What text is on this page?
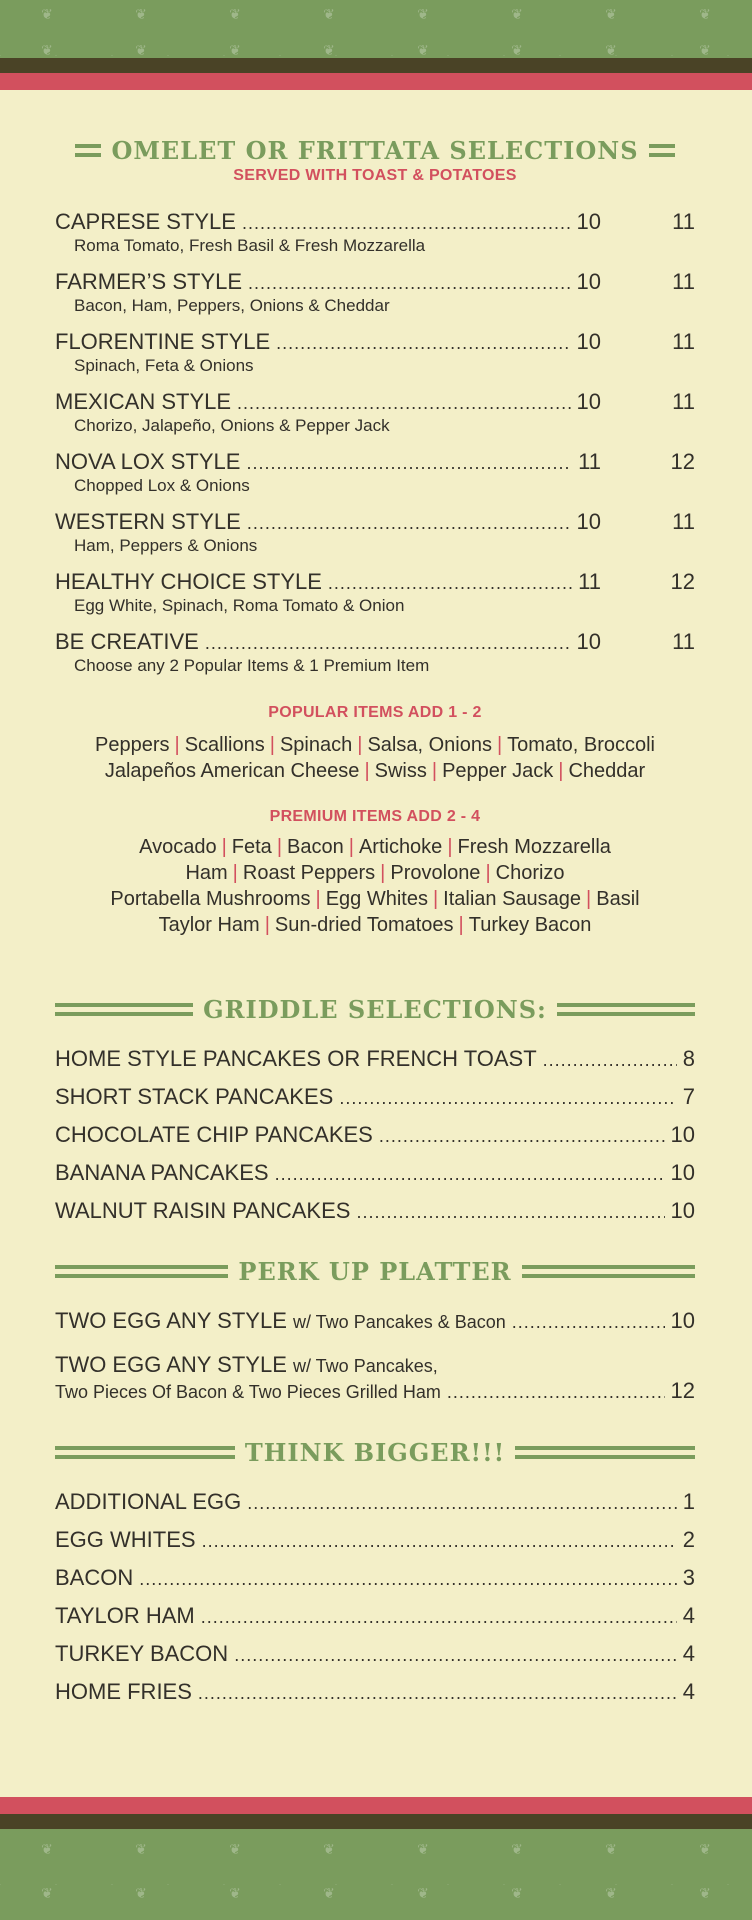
❦	❦	❦	❦	❦	❦	❦	❦
❦	❦	❦	❦	❦	❦	❦	❦
OMELET OR FRITTATA SELECTIONS
SERVED WITH TOAST & POTATOES
CAPRESE STYLE .....	10	11
Roma Tomato, Fresh Basil & Fresh Mozzarella
FARMER’S STYLE .....	10	11
Bacon, Ham, Peppers, Onions & Cheddar
FLORENTINE STYLE .....	10	11
Spinach, Feta & Onions
MEXICAN STYLE .....	10	11
Chorizo, Jalapeño, Onions & Pepper Jack
NOVA LOX STYLE .....	11	12
Chopped Lox & Onions
WESTERN STYLE .....	10	11
Ham, Peppers & Onions
HEALTHY CHOICE STYLE .....	11	12
Egg White, Spinach, Roma Tomato & Onion
BE CREATIVE .....	10	11
Choose any 2 Popular Items & 1 Premium Item
POPULAR ITEMS ADD 1 - 2
Peppers | Scallions | Spinach | Salsa, Onions | Tomato, Broccoli
Jalapeños American Cheese | Swiss | Pepper Jack | Cheddar
PREMIUM ITEMS ADD 2 - 4
Avocado | Feta | Bacon | Artichoke | Fresh Mozzarella
Ham | Roast Peppers | Provolone | Chorizo
Portabella Mushrooms | Egg Whites | Italian Sausage | Basil
Taylor Ham | Sun-dried Tomatoes | Turkey Bacon
GRIDDLE SELECTIONS:
HOME STYLE PANCAKES OR FRENCH TOAST .....	8
SHORT STACK PANCAKES .....	7
CHOCOLATE CHIP PANCAKES .....	10
BANANA PANCAKES .....	10
WALNUT RAISIN PANCAKES .....	10
PERK UP PLATTER
TWO EGG ANY STYLE w/ Two Pancakes & Bacon .....	10
TWO EGG ANY STYLE w/ Two Pancakes,
Two Pieces Of Bacon & Two Pieces Grilled Ham .....	12
THINK BIGGER!!!
ADDITIONAL EGG .....	1
EGG WHITES .....	2
BACON .....	3
TAYLOR HAM .....	4
TURKEY BACON .....	4
HOME FRIES .....	4
❦	❦	❦	❦	❦	❦	❦	❦
❦	❦	❦	❦	❦	❦	❦	❦
